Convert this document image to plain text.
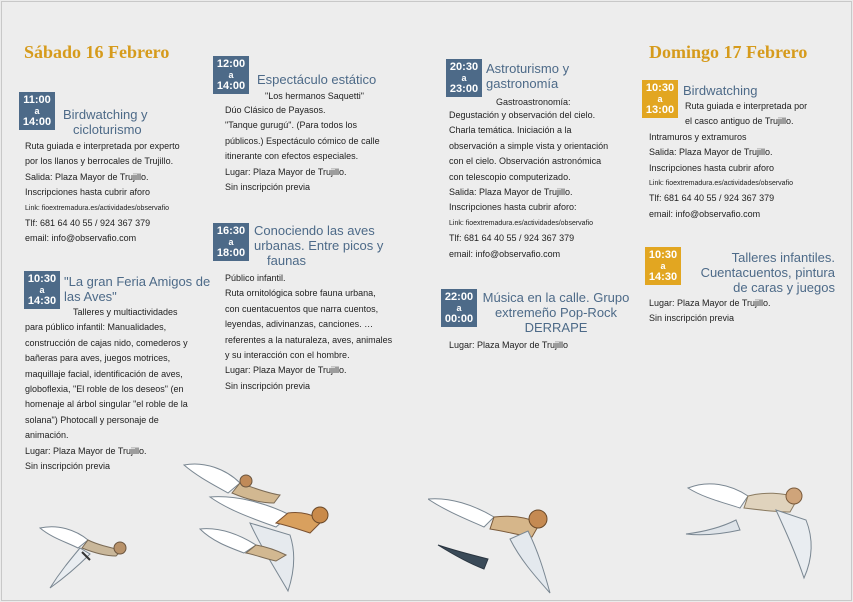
Sábado 16 Febrero	Domingo 17 Febrero
11:00
a
14:00 Birdwatching y
cicloturismo
Ruta guiada e interpretada por experto
por los llanos y berrocales de Trujillo.
Salida: Plaza Mayor de Trujillo.
Inscripciones hasta cubrir aforo
Link: fioextremadura.es/actividades/observafio
Tlf: 681 64 40 55 / 924 367 379
email: info@observafio.com
10:30
a
14:30
"La gran Feria Amigos de
las Aves"
Talleres y multiactividades
para público infantil: Manualidades,
construcción de cajas nido, comederos y
bañeras para aves, juegos motrices,
maquillaje facial, identificación de aves,
globoflexia, "El roble de los deseos" (en
homenaje al árbol singular "el roble de la
solana") Photocall y personaje de
animación.
Lugar: Plaza Mayor de Trujillo.
Sin inscripción previa
12:00
a
14:00 Espectáculo estático
"Los hermanos Saquetti"
Dúo Clásico de Payasos.
"Tanque gurugú". (Para todos los
públicos.) Espectáculo cómico de calle
itinerante con efectos especiales.
Lugar: Plaza Mayor de Trujillo.
Sin inscripción previa
16:30
a
18:00
Conociendo las aves
urbanas. Entre picos y
faunas
Público infantil.
Ruta ornitológica sobre fauna urbana,
con cuentacuentos que narra cuentos,
leyendas, adivinanzas, canciones. …
referentes a la naturaleza, aves, animales
y su interacción con el hombre.
Lugar: Plaza Mayor de Trujillo.
Sin inscripción previa
20:30
a
23:00
Astroturismo y
gastronomía
Gastroastronomía:
Degustación y observación del cielo.
Charla temática. Iniciación a la
observación a simple vista y orientación
con el cielo. Observación astronómica
con telescopio computerizado.
Salida: Plaza Mayor de Trujillo.
Inscripciones hasta cubrir aforo:
Link: fioextremadura.es/actividades/observafio
Tlf: 681 64 40 55 / 924 367 379
email: info@observafio.com
22:00
a
00:00
Música en la calle. Grupo
extremeño Pop-Rock
DERRAPE
Lugar: Plaza Mayor de Trujillo
10:30
a
13:00
Birdwatching
Ruta guiada e interpretada por
el casco antiguo de Trujillo.
Intramuros y extramuros
Salida: Plaza Mayor de Trujillo.
Inscripciones hasta cubrir aforo
Link: fioextremadura.es/actividades/observafio
Tlf: 681 64 40 55 / 924 367 379
email: info@observafio.com
10:30
a
14:30
Talleres infantiles.
Cuentacuentos, pintura
de caras y juegos
Lugar: Plaza Mayor de Trujillo.
Sin inscripción previa
